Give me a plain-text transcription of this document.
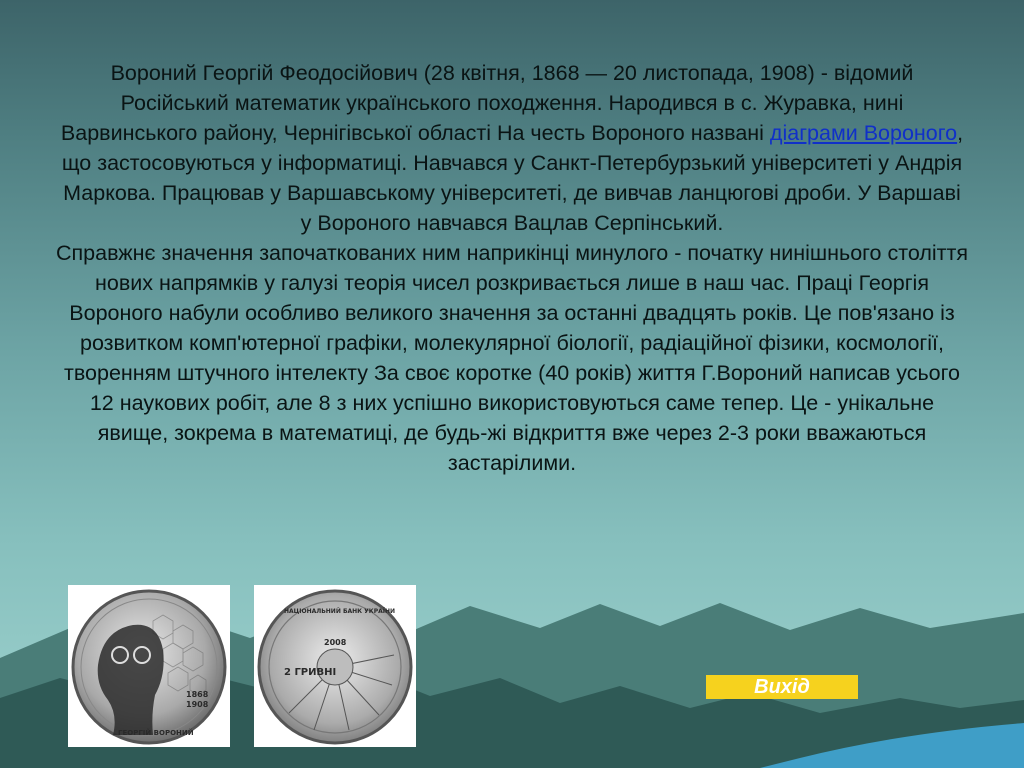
Вороний Георгій Феодосійович (28 квітня, 1868 — 20 листопада, 1908) - відомий Російський математик українського походження. Народився в с. Журавка, нині Варвинського району, Чернігівської області На честь Вороного названі діаграми Вороного, що застосовуються у інформатиці. Навчався у Санкт-Петербурзький університеті у Андрія Маркова. Працював у Варшавському університеті, де вивчав ланцюгові дроби. У Варшаві у Вороного навчався Вацлав Серпінський.
Справжнє значення започаткованих ним наприкінці минулого - початку нинішнього століття нових напрямків у галузі теорія чисел розкривається лише в наш час. Праці Георгія Вороного набули особливо великого значення за останні двадцять років. Це пов'язано із розвитком комп'ютерної графіки, молекулярної біології, радіаційної фізики, космології, творенням штучного інтелекту За своє коротке (40 років) життя Г.Вороний написав усього 12 наукових робіт, але 8 з них успішно використовуються саме тепер. Це - унікальне явище, зокрема в математиці, де будь-жі відкриття вже через 2-3 роки вважаються застарілими.

1868
1908
ГЕОРГІЙ ВОРОНИЙ
2008
2 ГРИВНІ
НАЦІОНАЛЬНИЙ БАНК УКРАЇНИ
Вихід
